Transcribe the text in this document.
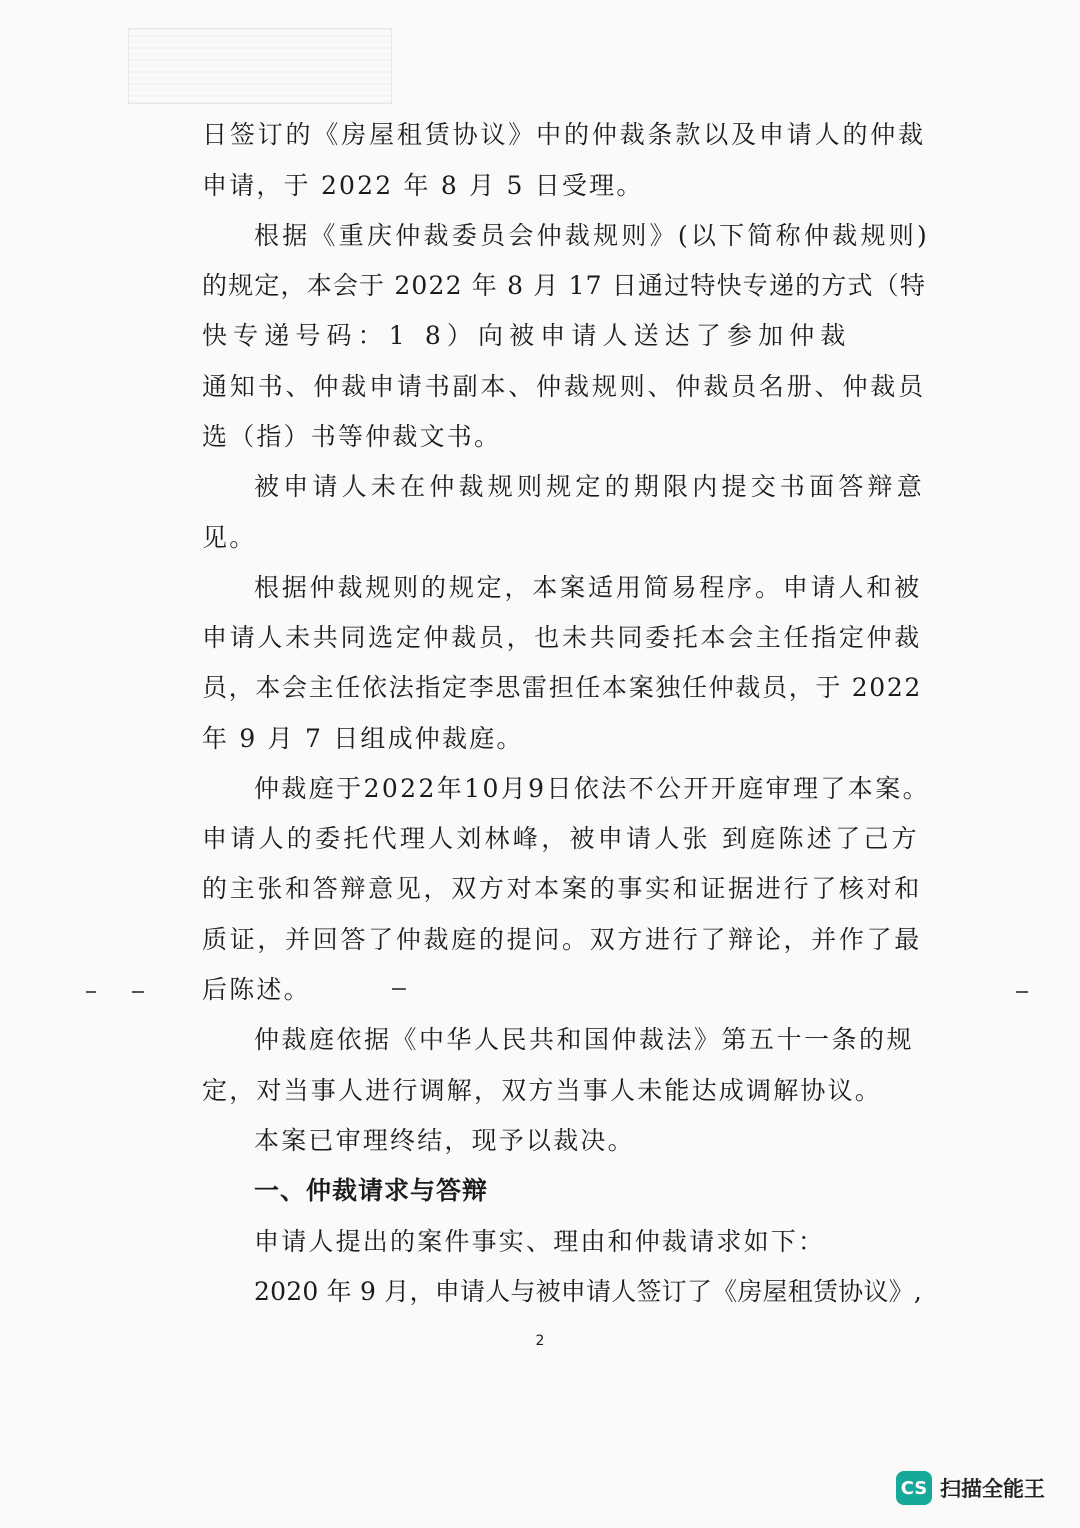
日签订的《房屋租赁协议》中的仲裁条款以及申请人的仲裁
申请，于 2022 年 8 月 5 日受理。
根据《重庆仲裁委员会仲裁规则》(以下简称仲裁规则)
的规定，本会于 2022 年 8 月 17 日通过特快专递的方式（特
快专递号码：1 8）向被申请人送达了参加仲裁
通知书、仲裁申请书副本、仲裁规则、仲裁员名册、仲裁员
选（指）书等仲裁文书。
被申请人未在仲裁规则规定的期限内提交书面答辩意
见。
根据仲裁规则的规定，本案适用简易程序。申请人和被
申请人未共同选定仲裁员，也未共同委托本会主任指定仲裁
员，本会主任依法指定李思雷担任本案独任仲裁员，于 2022
年 9 月 7 日组成仲裁庭。
仲裁庭于2022年10月9日依法不公开开庭审理了本案。
申请人的委托代理人刘林峰，被申请人张 到庭陈述了己方
的主张和答辩意见，双方对本案的事实和证据进行了核对和
质证，并回答了仲裁庭的提问。双方进行了辩论，并作了最
后陈述。
仲裁庭依据《中华人民共和国仲裁法》第五十一条的规
定，对当事人进行调解，双方当事人未能达成调解协议。
本案已审理终结，现予以裁决。
一、仲裁请求与答辩
申请人提出的案件事实、理由和仲裁请求如下：
2020 年 9 月，申请人与被申请人签订了《房屋租赁协议》,
2
CS 扫描全能王
